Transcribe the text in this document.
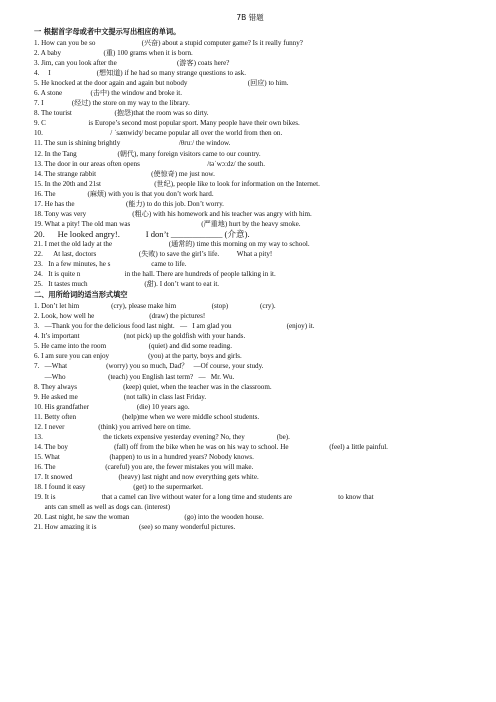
7B 错题
一 根据首字母或者中文提示写出相应的单词。
1. How can you be so                          (兴奋) about a stupid computer game? Is it really funny?
2. A baby                        (重) 100 grams when it is born.
3. Jim, can you look after the                                  (游客) coats here?
4.     I                          (想知道) if he had so many strange questions to ask.
5. He knocked at the door again and again but nobody                                  (回应) to him.
6. A stone                (击中) the window and broke it.
7. I                (经过) the store on my way to the library.
8. The tourist                        (抱怨)that the room was so dirty.
9. C                        is Europe’s second most popular sport. Many people have their own bikes.
10.                                      / ˈsænwidʒ/ became popular all over the world from then on.
11. The sun is shining brightly                                 /θruː/ the window.
12. In the Tang                       (朝代), many foreign visitors came to our country.
13. The door in our areas often opens                                      /təˈwɔːdz/ the south.
14. The strange rabbit                               (使惊奇) me just now.
15. In the 20th and 21st                              (世纪), people like to look for information on the Internet.
16. The                  (麻烦) with you is that you don’t work hard.
17. He has the                             (能力) to do this job. Don’t worry.
18. Tony was very                          (粗心) with his homework and his teacher was angry with him.
19. What a pity! The old man was                                        (严重地) hurt by the heavy smoke.
20.      He looked angry!.            I don’t ____________ (介意).
21. I met the old lady at the                                (通常的) time this morning on my way to school.
22.      At last, doctors                        (失败) to save the girl’s life.          What a pity!
23.   In a few minutes, he s                       came to life.
24.   It is quite n                         in the hall. There are hundreds of people talking in it.
25.   It tastes much                                (甜). I don’t want to eat it.
二、用所给词的适当形式填空
1. Don’t let him                  (cry), please make him                    (stop)                  (cry).
2. Look, how well he                               (draw) the pictures!
3.   —Thank you for the delicious food last night.   —   I am glad you                               (enjoy) it.
4. It’s important                         (not pick) up the goldfish with your hands.
5. He came into the room                        (quiet) and did some reading.
6. I am sure you can enjoy                      (you) at the party, boys and girls.
7.   —What                      (worry) you so much, Dad？   —Of course, your study.
—Who                        (teach) you English last term?   —   Mr. Wu.
8. They always                          (keep) quiet, when the teacher was in the classroom.
9. He asked me                          (not talk) in class last Friday.
10. His grandfather                           (die) 10 years ago.
11. Betty often                          (help)me when we were middle school students.
12. I never                   (think) you arrived here on time.
13.                                  the tickets expensive yesterday evening? No, they                  (be).
14. The boy                          (fall) off from the bike when he was on his way to school. He                       (feel) a little painful.
15. What                            (happen) to us in a hundred years? Nobody knows.
16. The                            (careful) you are, the fewer mistakes you will make.
17. It snowed                          (heavy) last night and now everything gets white.
18. I found it easy                           (get) to the supermarket.
19. It is                          that a camel can live without water for a long time and students are                          to know that
ants can smell as well as dogs can. (interest)
20. Last night, he saw the woman                               (go) into the wooden house.
21. How amazing it is                        (see) so many wonderful pictures.
